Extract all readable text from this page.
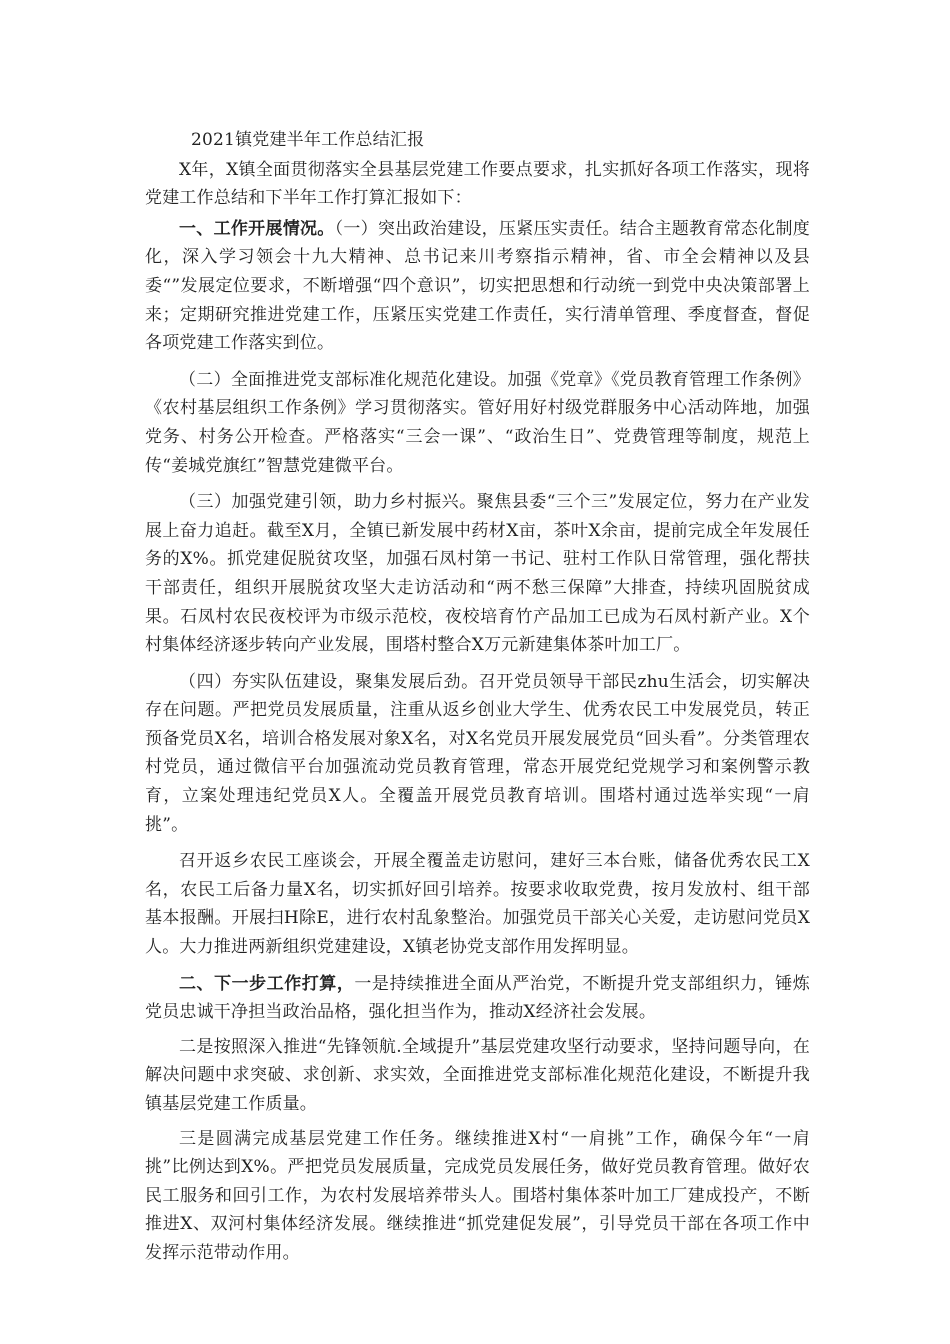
2021镇党建半年工作总结汇报

X年，X镇全面贯彻落实全县基层党建工作要点要求，扎实抓好各项工作落实，现将党建工作总结和下半年工作打算汇报如下：

一、工作开展情况。（一）突出政治建设，压紧压实责任。结合主题教育常态化制度化，深入学习领会十九大精神、总书记来川考察指示精神，省、市全会精神以及县委“”发展定位要求，不断增强“四个意识”，切实把思想和行动统一到党中央决策部署上来；定期研究推进党建工作，压紧压实党建工作责任，实行清单管理、季度督查，督促各项党建工作落实到位。

（二）全面推进党支部标准化规范化建设。加强《党章》《党员教育管理工作条例》《农村基层组织工作条例》学习贯彻落实。管好用好村级党群服务中心活动阵地，加强党务、村务公开检查。严格落实“三会一课”、“政治生日”、党费管理等制度，规范上传“姜城党旗红”智慧党建微平台。

（三）加强党建引领，助力乡村振兴。聚焦县委“三个三”发展定位，努力在产业发展上奋力追赶。截至X月，全镇已新发展中药材X亩，茶叶X余亩，提前完成全年发展任务的X%。抓党建促脱贫攻坚，加强石凤村第一书记、驻村工作队日常管理，强化帮扶干部责任，组织开展脱贫攻坚大走访活动和“两不愁三保障”大排查，持续巩固脱贫成果。石凤村农民夜校评为市级示范校，夜校培育竹产品加工已成为石凤村新产业。X个村集体经济逐步转向产业发展，围塔村整合X万元新建集体茶叶加工厂。

（四）夯实队伍建设，聚集发展后劲。召开党员领导干部民zhu生活会，切实解决存在问题。严把党员发展质量，注重从返乡创业大学生、优秀农民工中发展党员，转正预备党员X名，培训合格发展对象X名，对X名党员开展发展党员“回头看”。分类管理农村党员，通过微信平台加强流动党员教育管理，常态开展党纪党规学习和案例警示教育，立案处理违纪党员X人。全覆盖开展党员教育培训。围塔村通过选举实现“一肩挑”。

召开返乡农民工座谈会，开展全覆盖走访慰问，建好三本台账，储备优秀农民工X名，农民工后备力量X名，切实抓好回引培养。按要求收取党费，按月发放村、组干部基本报酬。开展扫H除E，进行农村乱象整治。加强党员干部关心关爱，走访慰问党员X人。大力推进两新组织党建建设，X镇老协党支部作用发挥明显。

二、下一步工作打算，一是持续推进全面从严治党，不断提升党支部组织力，锤炼党员忠诚干净担当政治品格，强化担当作为，推动X经济社会发展。

二是按照深入推进“先锋领航.全域提升”基层党建攻坚行动要求，坚持问题导向，在解决问题中求突破、求创新、求实效，全面推进党支部标准化规范化建设，不断提升我镇基层党建工作质量。

三是圆满完成基层党建工作任务。继续推进X村“一肩挑”工作，确保今年“一肩挑”比例达到X%。严把党员发展质量，完成党员发展任务，做好党员教育管理。做好农民工服务和回引工作，为农村发展培养带头人。围塔村集体茶叶加工厂建成投产，不断推进X、双河村集体经济发展。继续推进“抓党建促发展”，引导党员干部在各项工作中发挥示范带动作用。
